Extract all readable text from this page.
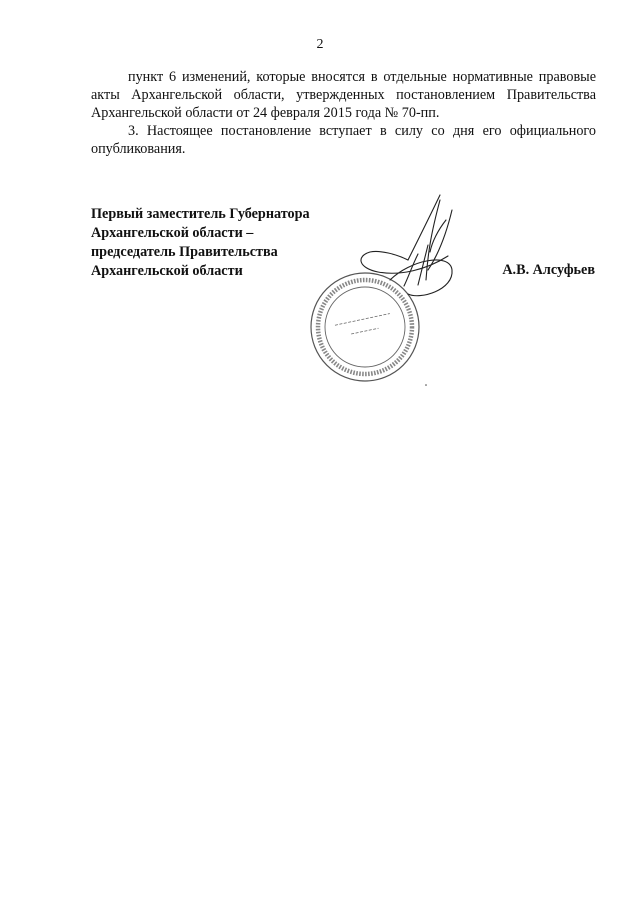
2

пункт 6 изменений, которые вносятся в отдельные нормативные правовые акты Архангельской области, утвержденных постановлением Правительства Архангельской области от 24 февраля 2015 года № 70-пп.

3. Настоящее постановление вступает в силу со дня его официального опубликования.

Первый заместитель Губернатора
Архангельской области –
председатель Правительства
Архангельской области	А.В. Алсуфьев
